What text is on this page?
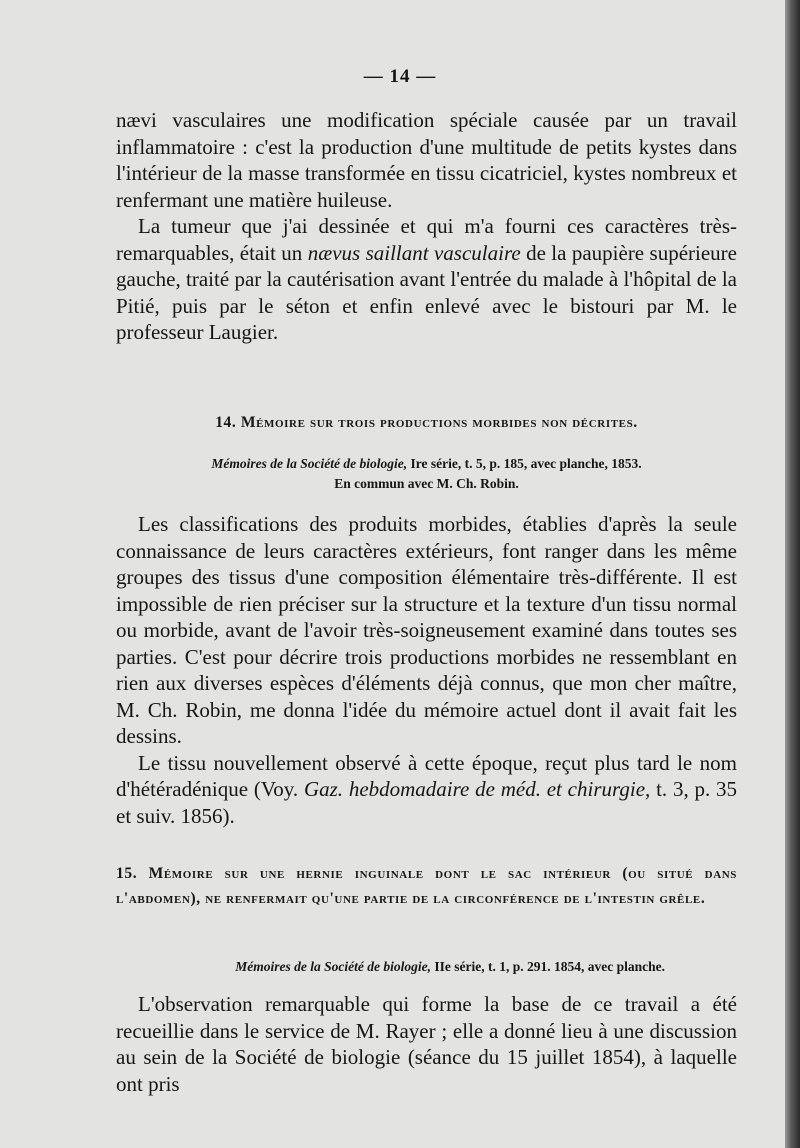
— 14 —

nævi vasculaires une modification spéciale causée par un travail inflammatoire : c'est la production d'une multitude de petits kystes dans l'intérieur de la masse transformée en tissu cicatriciel, kystes nombreux et renfermant une matière huileuse.

La tumeur que j'ai dessinée et qui m'a fourni ces caractères très-remarquables, était un nævus saillant vasculaire de la paupière supérieure gauche, traité par la cautérisation avant l'entrée du malade à l'hôpital de la Pitié, puis par le séton et enfin enlevé avec le bistouri par M. le professeur Laugier.

14. Mémoire sur trois productions morbides non décrites.
Mémoires de la Société de biologie, Ire série, t. 5, p. 185, avec planche, 1853.
En commun avec M. Ch. Robin.

Les classifications des produits morbides, établies d'après la seule connaissance de leurs caractères extérieurs, font ranger dans les même groupes des tissus d'une composition élémentaire très-différente. Il est impossible de rien préciser sur la structure et la texture d'un tissu normal ou morbide, avant de l'avoir très-soigneusement examiné dans toutes ses parties. C'est pour décrire trois productions morbides ne ressemblant en rien aux diverses espèces d'éléments déjà connus, que mon cher maître, M. Ch. Robin, me donna l'idée du mémoire actuel dont il avait fait les dessins.

Le tissu nouvellement observé à cette époque, reçut plus tard le nom d'hétéradénique (Voy. Gaz. hebdomadaire de méd. et chirurgie, t. 3, p. 35 et suiv. 1856).

15. Mémoire sur une hernie inguinale dont le sac intérieur (ou situé dans l'abdomen), ne renfermait qu'une partie de la circonférence de l'intestin grêle.
Mémoires de la Société de biologie, IIe série, t. 1, p. 291. 1854, avec planche.

L'observation remarquable qui forme la base de ce travail a été recueillie dans le service de M. Rayer ; elle a donné lieu à une discussion au sein de la Société de biologie (séance du 15 juillet 1854), à laquelle ont pris
